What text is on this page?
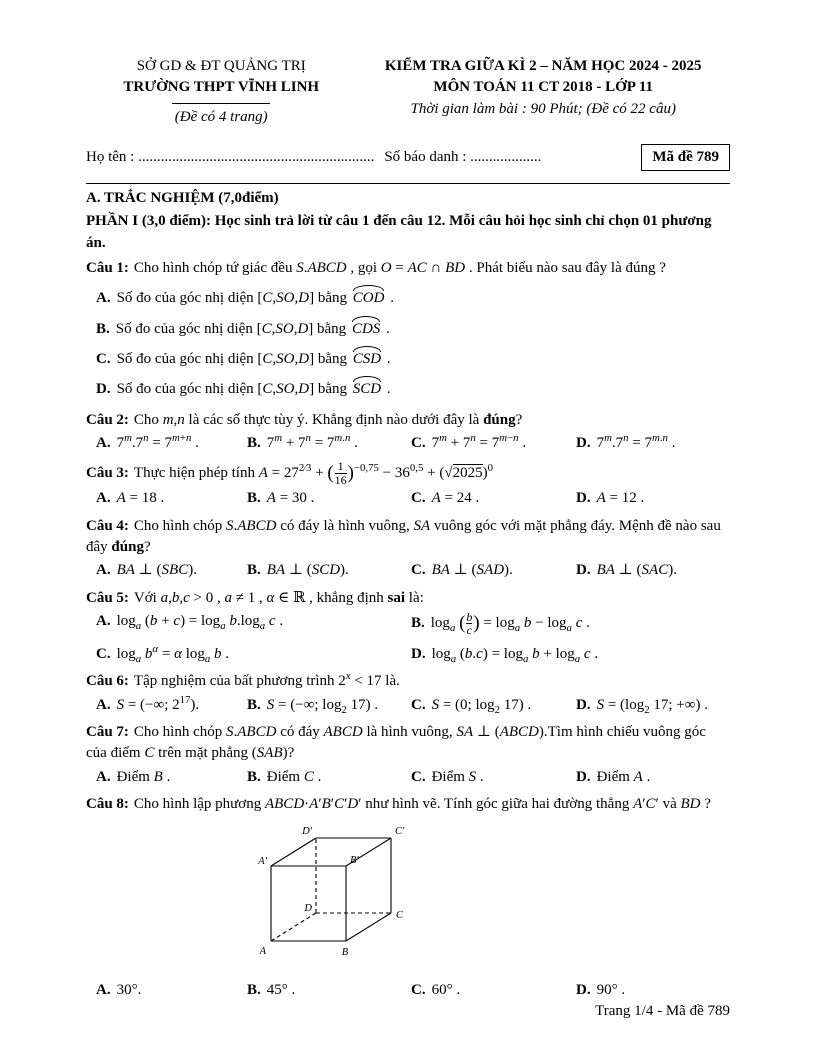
SỞ GD & ĐT QUẢNG TRỊ
TRƯỜNG THPT VĨNH LINH
(Đề có 4 trang)
KIỂM TRA GIỮA KÌ 2 – NĂM HỌC 2024 - 2025
MÔN TOÁN 11 CT 2018 - LỚP 11
Thời gian làm bài : 90 Phút; (Đề có 22 câu)
Họ tên : ............................................................... Số báo danh : ...................	Mã đề 789
A. TRẮC NGHIỆM (7,0điểm)
PHẦN I (3,0 điểm): Học sinh trả lời từ câu 1 đến câu 12. Mỗi câu hỏi học sinh chỉ chọn 01 phương án.

Câu 1: Cho hình chóp tứ giác đều S.ABCD , gọi O = AC ∩ BD . Phát biểu nào sau đây là đúng ?

A. Số đo của góc nhị diện [C,SO,D] bằng COD .
B. Số đo của góc nhị diện [C,SO,D] bằng CDS .
C. Số đo của góc nhị diện [C,SO,D] bằng CSD .
D. Số đo của góc nhị diện [C,SO,D] bằng SCD .

Câu 2: Cho m,n là các số thực tùy ý. Khẳng định nào dưới đây là đúng?

A. $7^m.7^n = 7^{m+n}$ .	B. $7^m + 7^n = 7^{m.n}$ .	C. $7^m + 7^n = 7^{m-n}$ .	D. $7^m.7^n = 7^{m.n}$ .

Câu 3: Thực hiện phép tính $A = 27^{2⁄3}$ + ( $\frac{1}{16} )^{-0,75} - 36^{0,5} + (√2025)^0$

A. A = 18 .	B. A = 30 .	C. A = 24 .	D. A = 12 .

Câu 4: Cho hình chóp S.ABCD có đáy là hình vuông, SA vuông góc với mặt phẳng đáy. Mệnh đề nào sau đây đúng?

A. BA ⊥ (SBC).	B. BA ⊥ (SCD).	C. BA ⊥ (SAD).	D. BA ⊥ (SAC).

Câu 5: Với a,b,c > 0 , a ≠ 1 , α ∈ ℝ , khẳng định sai là:

A. $\log_a (b + c) = \log_a b.\log_a$ c .	B. $\log_a$ ( $\frac{b}{c}$ ) = $\log_a b - \log_a c$ .
C. $\log_a b^\alpha = \alpha$ $\log_a b$ .	D. $\log_a (b.c) = \log_a b + \log_a c$ .

Câu 6: Tập nghiệm của bất phương trình $2^x < 17$ là.

A. S = (−∞; $2^{17}$).	B. S = (−∞; $\log_2 17$) .	C. S = (0; $\log_2 17$) .	D. $S = (\log_2$ 17; +∞) .

Câu 7: Cho hình chóp S.ABCD có đáy ABCD là hình vuông, SA ⊥ (ABCD).Tìm hình chiếu vuông góc của điểm C trên mặt phẳng (SAB)?

A. Điểm B .	B. Điểm C .	C. Điểm S .	D. Điểm A .

Câu 8: Cho hình lập phương ABCD·A′B′C′D′ như hình vẽ. Tính góc giữa hai đường thẳng A′C′ và BD ?

A	B
C
D
A′	B′
C′
D′
A. 30°.	B. 45° .	C. 60° .	D. 90° .
Trang 1/4 - Mã đề 789
